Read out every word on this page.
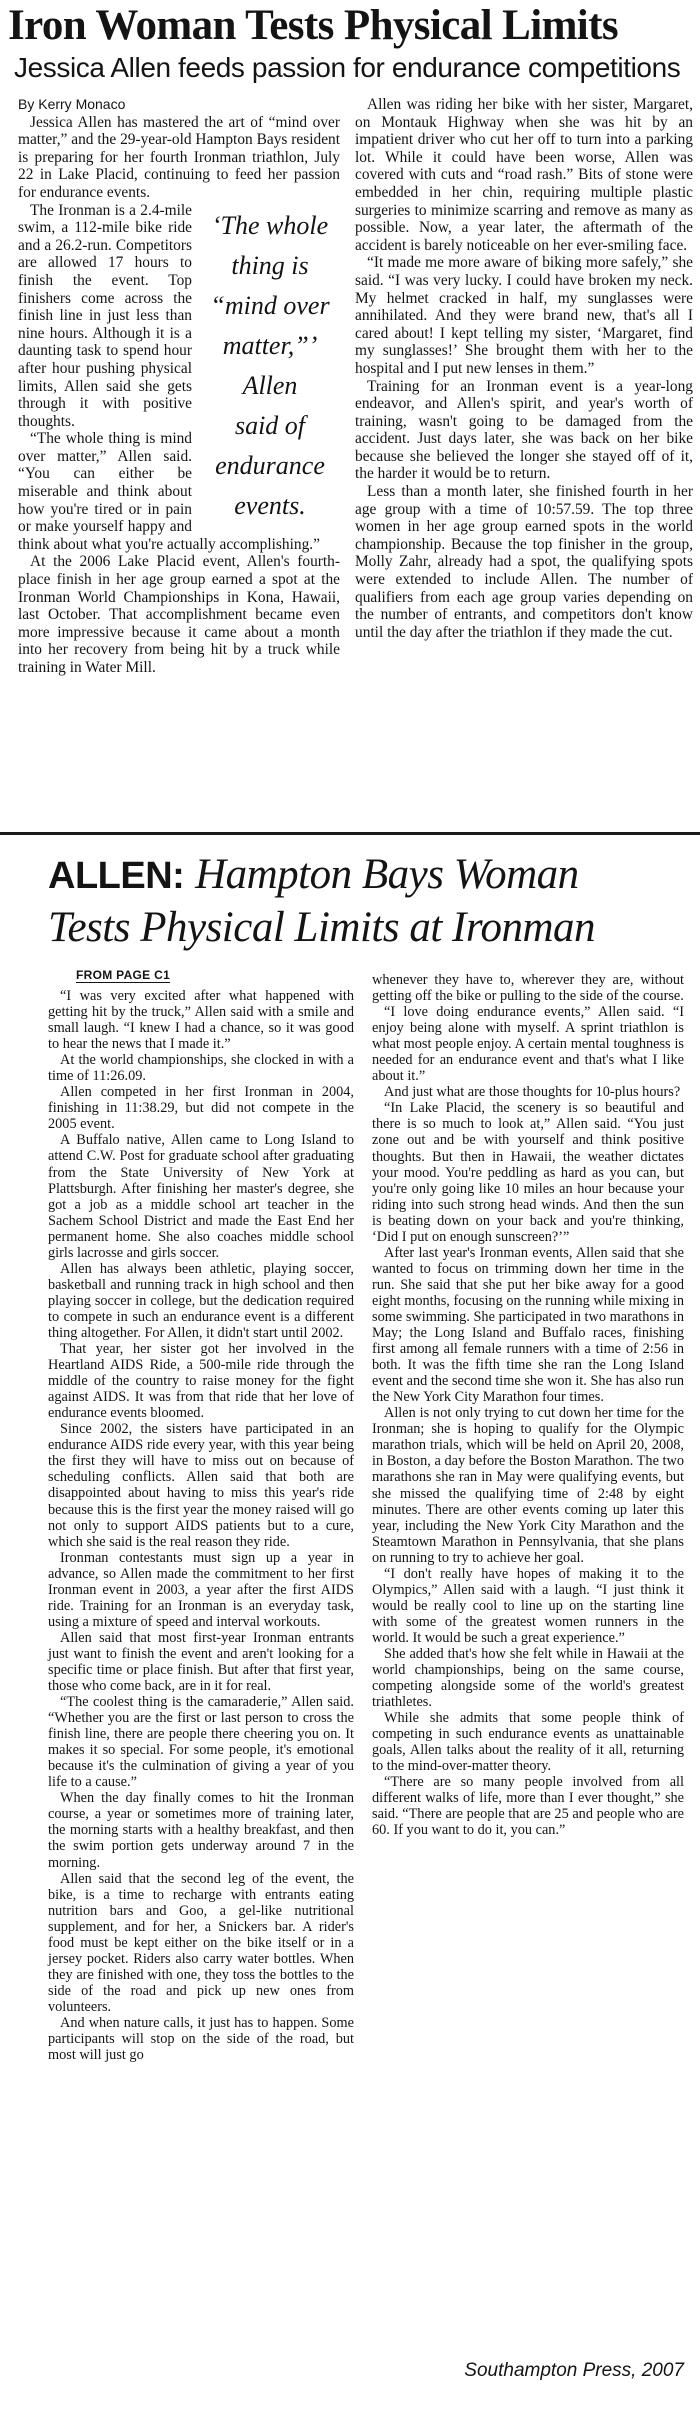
Iron Woman Tests Physical Limits
Jessica Allen feeds passion for endurance competitions

By Kerry Monaco

Jessica Allen has mastered the art of “mind over matter,” and the 29-year-old Hampton Bays resident is preparing for her fourth Ironman triathlon, July 22 in Lake Placid, continuing to feed her passion for endurance events.

‘The whole
thing is
“mind over
matter,”’
Allen
said of
endurance
events.

The Ironman is a 2.4-mile swim, a 112-mile bike ride and a 26.2-run. Competitors are allowed 17 hours to finish the event. Top finishers come across the finish line in just less than nine hours. Although it is a daunting task to spend hour after hour pushing physical limits, Allen said she gets through it with positive thoughts.

“The whole thing is mind over matter,” Allen said. “You can either be miserable and think about how you're tired or in pain or make yourself happy and think about what you're actually accomplishing.”

At the 2006 Lake Placid event, Allen's fourth-place finish in her age group earned a spot at the Ironman World Championships in Kona, Hawaii, last October. That accomplishment became even more impressive because it came about a month into her recovery from being hit by a truck while training in Water Mill.

Allen was riding her bike with her sister, Margaret, on Montauk Highway when she was hit by an impatient driver who cut her off to turn into a parking lot. While it could have been worse, Allen was covered with cuts and “road rash.” Bits of stone were embedded in her chin, requiring multiple plastic surgeries to minimize scarring and remove as many as possible. Now, a year later, the aftermath of the accident is barely noticeable on her ever-smiling face.

“It made me more aware of biking more safely,” she said. “I was very lucky. I could have broken my neck. My helmet cracked in half, my sunglasses were annihilated. And they were brand new, that's all I cared about! I kept telling my sister, ‘Margaret, find my sunglasses!’ She brought them with her to the hospital and I put new lenses in them.”

Training for an Ironman event is a year-long endeavor, and Allen's spirit, and year's worth of training, wasn't going to be damaged from the accident. Just days later, she was back on her bike because she believed the longer she stayed off of it, the harder it would be to return.

Less than a month later, she finished fourth in her age group with a time of 10:57.59. The top three women in her age group earned spots in the world championship. Because the top finisher in the group, Molly Zahr, already had a spot, the qualifying spots were extended to include Allen. The number of qualifiers from each age group varies depending on the number of entrants, and competitors don't know until the day after the triathlon if they made the cut.

ALLEN: Hampton Bays Woman
Tests Physical Limits at Ironman
FROM PAGE C1

“I was very excited after what happened with getting hit by the truck,” Allen said with a smile and small laugh. “I knew I had a chance, so it was good to hear the news that I made it.”

At the world championships, she clocked in with a time of 11:26.09.

Allen competed in her first Ironman in 2004, finishing in 11:38.29, but did not compete in the 2005 event.

A Buffalo native, Allen came to Long Island to attend C.W. Post for graduate school after graduating from the State University of New York at Plattsburgh. After finishing her master's degree, she got a job as a middle school art teacher in the Sachem School District and made the East End her permanent home. She also coaches middle school girls lacrosse and girls soccer.

Allen has always been athletic, playing soccer, basketball and running track in high school and then playing soccer in college, but the dedication required to compete in such an endurance event is a different thing altogether. For Allen, it didn't start until 2002.

That year, her sister got her involved in the Heartland AIDS Ride, a 500-mile ride through the middle of the country to raise money for the fight against AIDS. It was from that ride that her love of endurance events bloomed.

Since 2002, the sisters have participated in an endurance AIDS ride every year, with this year being the first they will have to miss out on because of scheduling conflicts. Allen said that both are disappointed about having to miss this year's ride because this is the first year the money raised will go not only to support AIDS patients but to a cure, which she said is the real reason they ride.

Ironman contestants must sign up a year in advance, so Allen made the commitment to her first Ironman event in 2003, a year after the first AIDS ride. Training for an Ironman is an everyday task, using a mixture of speed and interval workouts.

Allen said that most first-year Ironman entrants just want to finish the event and aren't looking for a specific time or place finish. But after that first year, those who come back, are in it for real.

“The coolest thing is the camaraderie,” Allen said. “Whether you are the first or last person to cross the finish line, there are people there cheering you on. It makes it so special. For some people, it's emotional because it's the culmination of giving a year of you life to a cause.”

When the day finally comes to hit the Ironman course, a year or sometimes more of training later, the morning starts with a healthy breakfast, and then the swim portion gets underway around 7 in the morning.

Allen said that the second leg of the event, the bike, is a time to recharge with entrants eating nutrition bars and Goo, a gel-like nutritional supplement, and for her, a Snickers bar. A rider's food must be kept either on the bike itself or in a jersey pocket. Riders also carry water bottles. When they are finished with one, they toss the bottles to the side of the road and pick up new ones from volunteers.

And when nature calls, it just has to happen. Some participants will stop on the side of the road, but most will just go

whenever they have to, wherever they are, without getting off the bike or pulling to the side of the course.

“I love doing endurance events,” Allen said. “I enjoy being alone with myself. A sprint triathlon is what most people enjoy. A certain mental toughness is needed for an endurance event and that's what I like about it.”

And just what are those thoughts for 10-plus hours?

“In Lake Placid, the scenery is so beautiful and there is so much to look at,” Allen said. “You just zone out and be with yourself and think positive thoughts. But then in Hawaii, the weather dictates your mood. You're peddling as hard as you can, but you're only going like 10 miles an hour because your riding into such strong head winds. And then the sun is beating down on your back and you're thinking, ‘Did I put on enough sunscreen?’”

After last year's Ironman events, Allen said that she wanted to focus on trimming down her time in the run. She said that she put her bike away for a good eight months, focusing on the running while mixing in some swimming. She participated in two marathons in May; the Long Island and Buffalo races, finishing first among all female runners with a time of 2:56 in both. It was the fifth time she ran the Long Island event and the second time she won it. She has also run the New York City Marathon four times.

Allen is not only trying to cut down her time for the Ironman; she is hoping to qualify for the Olympic marathon trials, which will be held on April 20, 2008, in Boston, a day before the Boston Marathon. The two marathons she ran in May were qualifying events, but she missed the qualifying time of 2:48 by eight minutes. There are other events coming up later this year, including the New York City Marathon and the Steamtown Marathon in Pennsylvania, that she plans on running to try to achieve her goal.

“I don't really have hopes of making it to the Olympics,” Allen said with a laugh. “I just think it would be really cool to line up on the starting line with some of the greatest women runners in the world. It would be such a great experience.”

She added that's how she felt while in Hawaii at the world championships, being on the same course, competing alongside some of the world's greatest triathletes.

While she admits that some people think of competing in such endurance events as unattainable goals, Allen talks about the reality of it all, returning to the mind-over-matter theory.

“There are so many people involved from all different walks of life, more than I ever thought,” she said. “There are people that are 25 and people who are 60. If you want to do it, you can.”

Southampton Press, 2007
